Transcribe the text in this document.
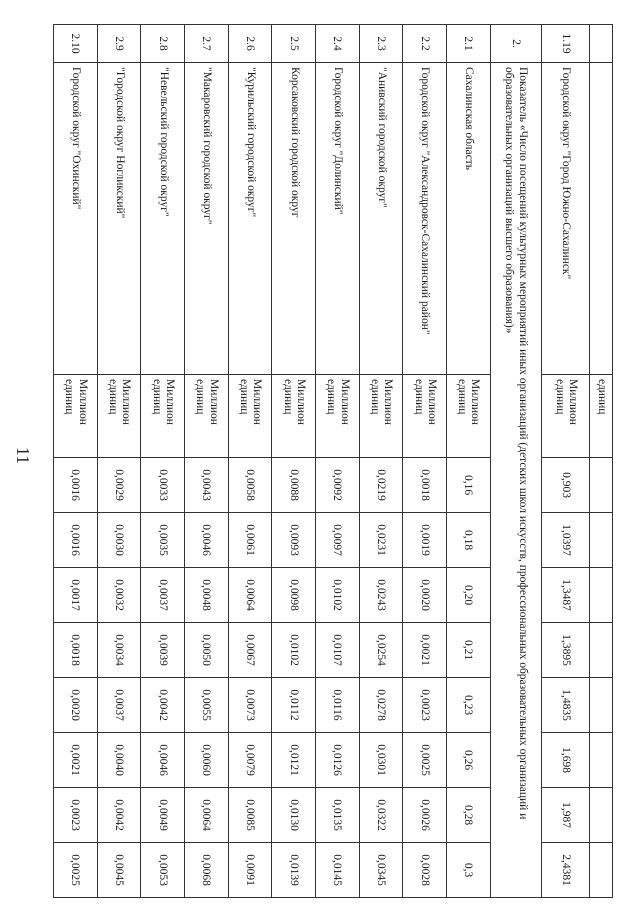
11
		единиц								
1.19	Городской округ "Город Южно-Сахалинск"	Миллион единиц	0,903	1,0397	1,3487	1,3895	1,4835	1,698	1,987	2,4381
2.	Показатель «Число посещений культурных мероприятий иных организаций (детских школ искусств, профессиональных образовательных организаций и образовательных организаций высшего образования)»									
2.1	Сахалинская область	Миллион единиц	0,16	0,18	0,20	0,21	0,23	0,26	0,28	0,3
2.2	Городской округ "Александровск-Сахалинский район"	Миллион единиц	0,0018	0,0019	0,0020	0,0021	0,0023	0,0025	0,0026	0,0028
2.3	"Анивский городской округ"	Миллион единиц	0,0219	0,0231	0,0243	0,0254	0,0278	0,0301	0,0322	0,0345
2.4	Городской округ "Долинский"	Миллион единиц	0,0092	0,0097	0,0102	0,0107	0,0116	0,0126	0,0135	0,0145
2.5	Корсаковский городской округ	Миллион единиц	0,0088	0,0093	0,0098	0,0102	0,0112	0,0121	0,0130	0,0139
2.6	"Курильский городской округ"	Миллион единиц	0,0058	0,0061	0,0064	0,0067	0,0073	0,0079	0,0085	0,0091
2.7	"Макаровский городской округ"	Миллион единиц	0,0043	0,0046	0,0048	0,0050	0,0055	0,0060	0,0064	0,0068
2.8	"Невельский городской округ"	Миллион единиц	0,0033	0,0035	0,0037	0,0039	0,0042	0,0046	0,0049	0,0053
2.9	"Городской округ Ногликский"	Миллион единиц	0,0029	0,0030	0,0032	0,0034	0,0037	0,0040	0,0042	0,0045
2.10	Городской округ "Охинский"	Миллион единиц	0,0016	0,0016	0,0017	0,0018	0,0020	0,0021	0,0023	0,0025
